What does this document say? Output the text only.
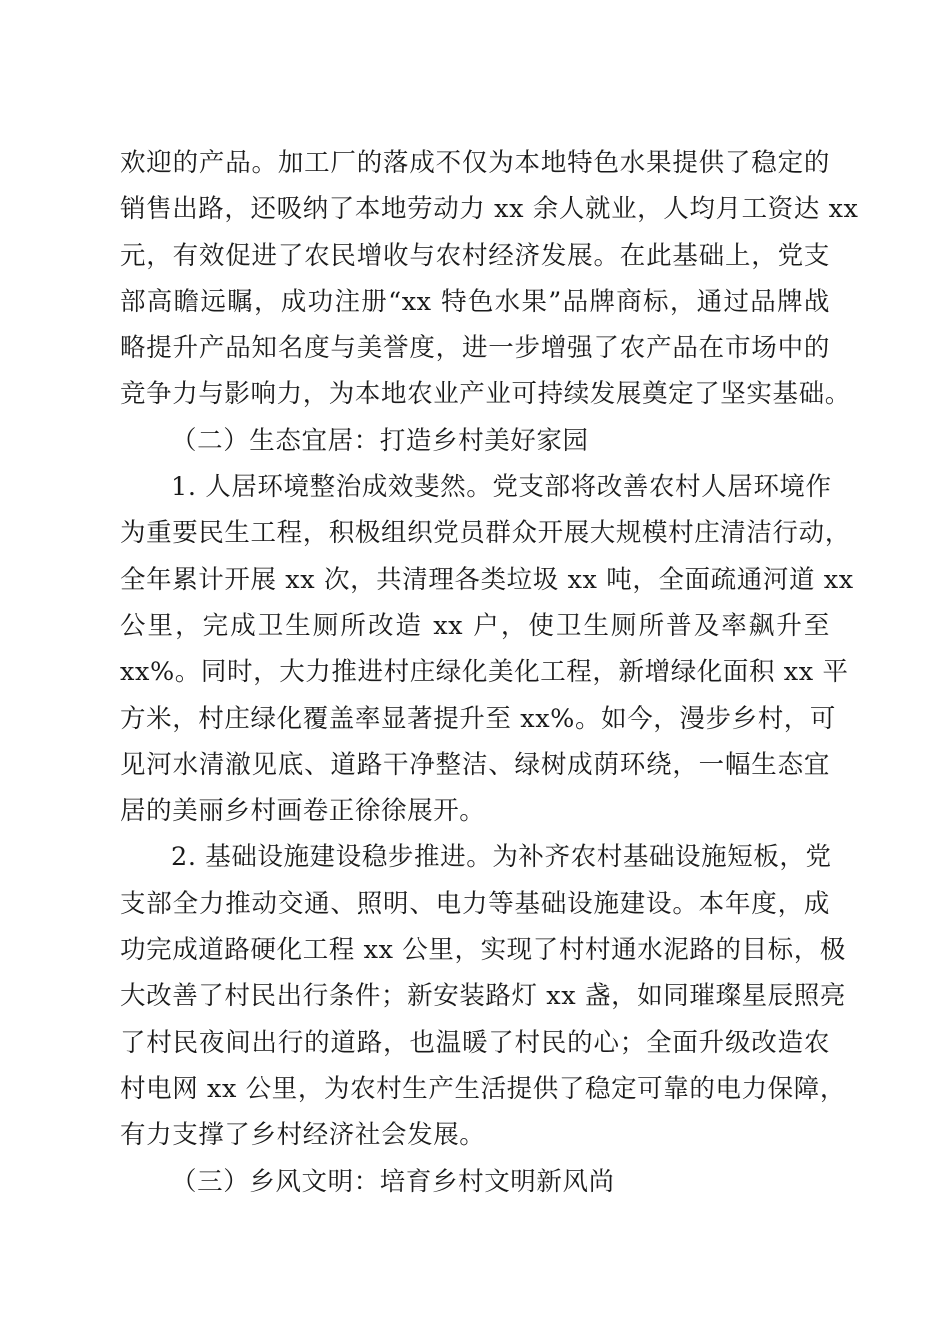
欢迎的产品。加工厂的落成不仅为本地特色水果提供了稳定的
销售出路，还吸纳了本地劳动力 xx 余人就业，人均月工资达 xx
元，有效促进了农民增收与农村经济发展。在此基础上，党支
部高瞻远瞩，成功注册“xx 特色水果”品牌商标，通过品牌战
略提升产品知名度与美誉度，进一步增强了农产品在市场中的
竞争力与影响力，为本地农业产业可持续发展奠定了坚实基础。
（二）生态宜居：打造乡村美好家园
1. 人居环境整治成效斐然。党支部将改善农村人居环境作
为重要民生工程，积极组织党员群众开展大规模村庄清洁行动，
全年累计开展 xx 次，共清理各类垃圾 xx 吨，全面疏通河道 xx
公里，完成卫生厕所改造 xx 户，使卫生厕所普及率飙升至
xx%。同时，大力推进村庄绿化美化工程，新增绿化面积 xx 平
方米，村庄绿化覆盖率显著提升至 xx%。如今，漫步乡村，可
见河水清澈见底、道路干净整洁、绿树成荫环绕，一幅生态宜
居的美丽乡村画卷正徐徐展开。
2. 基础设施建设稳步推进。为补齐农村基础设施短板，党
支部全力推动交通、照明、电力等基础设施建设。本年度，成
功完成道路硬化工程 xx 公里，实现了村村通水泥路的目标，极
大改善了村民出行条件；新安装路灯 xx 盏，如同璀璨星辰照亮
了村民夜间出行的道路，也温暖了村民的心；全面升级改造农
村电网 xx 公里，为农村生产生活提供了稳定可靠的电力保障，
有力支撑了乡村经济社会发展。
（三）乡风文明：培育乡村文明新风尚
